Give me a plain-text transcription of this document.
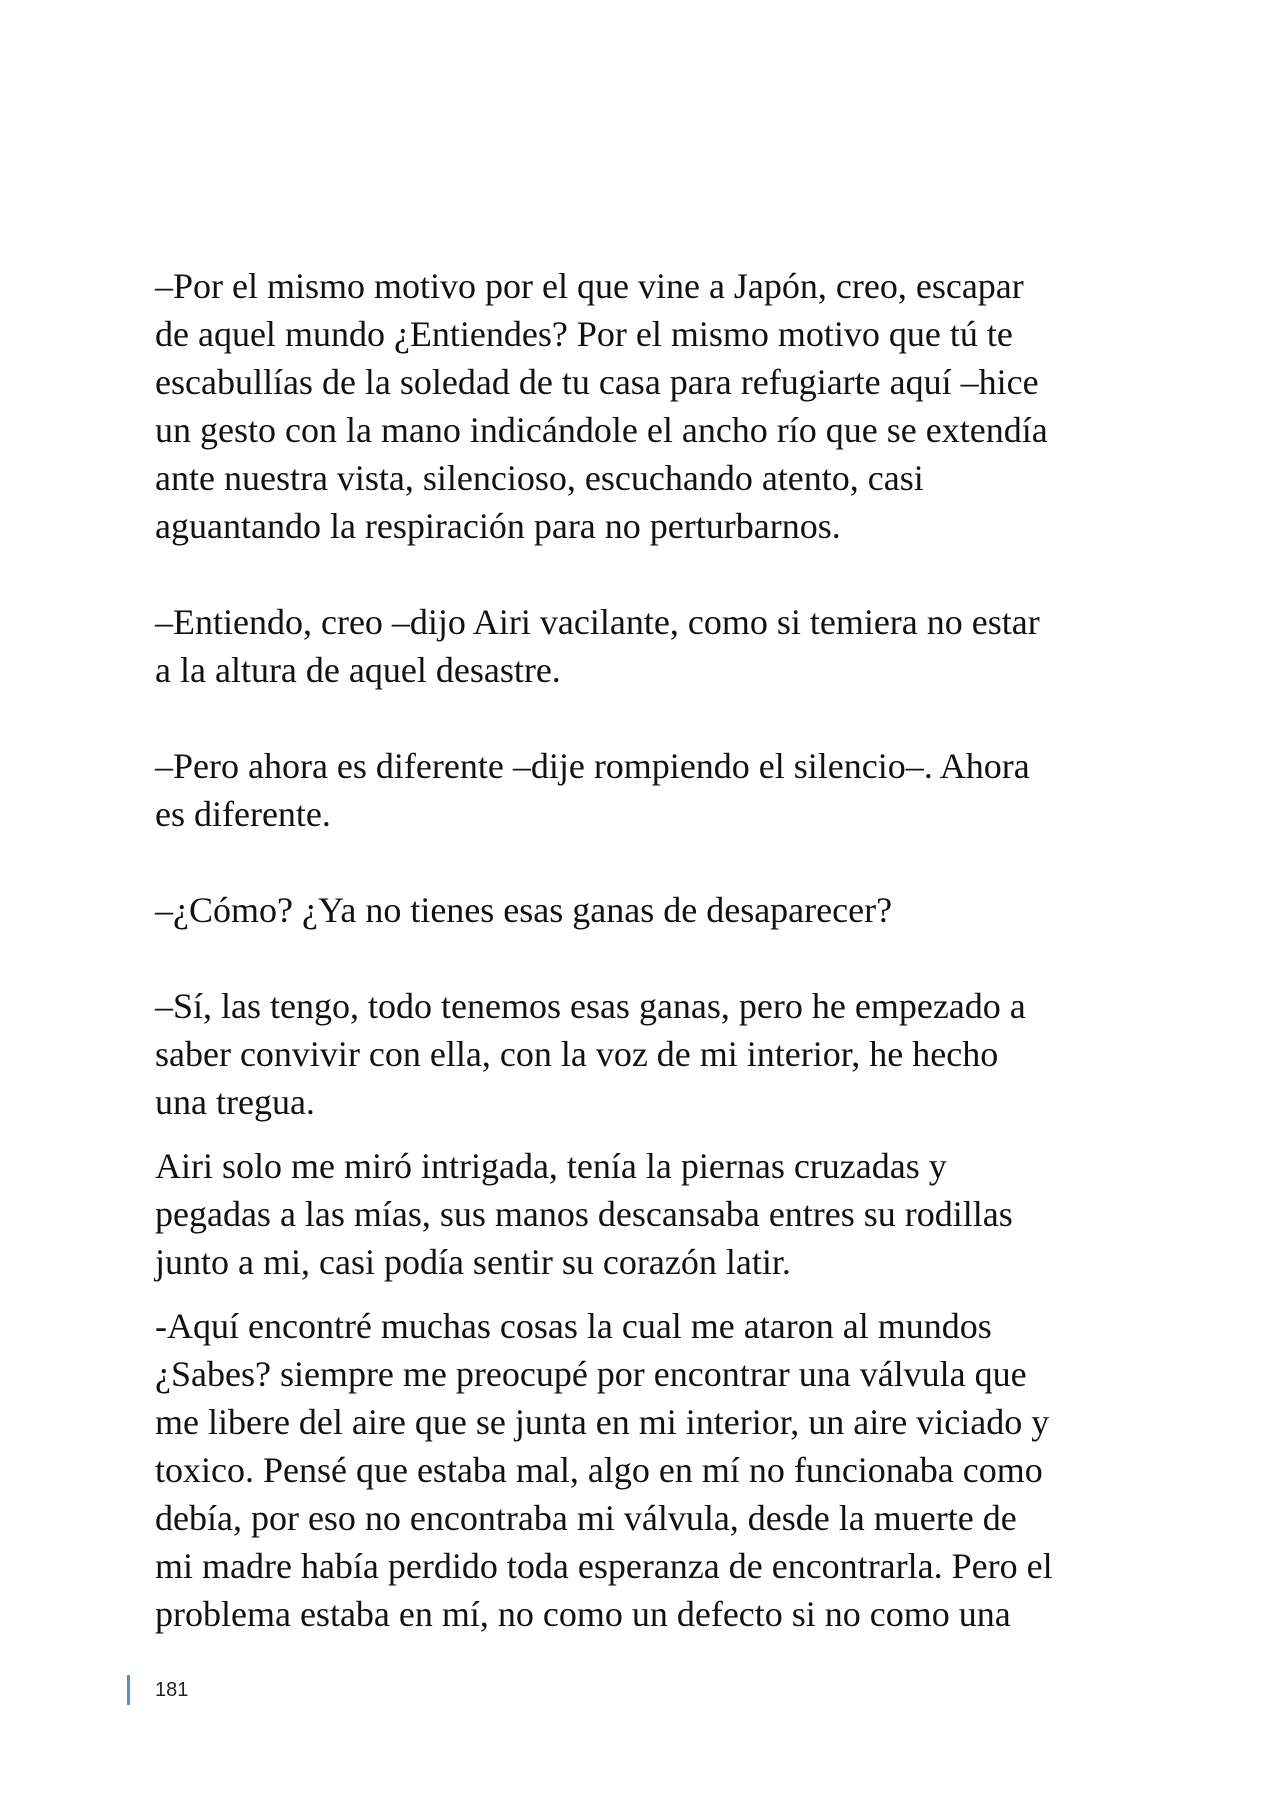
–Por el mismo motivo por el que vine a Japón, creo, escapar
de aquel mundo ¿Entiendes? Por el mismo motivo que tú te
escabullías de la soledad de tu casa para refugiarte aquí –hice
un gesto con la mano indicándole el ancho río que se extendía
ante nuestra vista, silencioso, escuchando atento, casi
aguantando la respiración para no perturbarnos.
–Entiendo, creo –dijo Airi vacilante, como si temiera no estar
a la altura de aquel desastre.
–Pero ahora es diferente –dije rompiendo el silencio–. Ahora
es diferente.
–¿Cómo? ¿Ya no tienes esas ganas de desaparecer?
–Sí, las tengo, todo tenemos esas ganas, pero he empezado a
saber convivir con ella, con la voz de mi interior, he hecho
una tregua.
Airi solo me miró intrigada, tenía la piernas cruzadas y
pegadas a las mías, sus manos descansaba entres su rodillas
junto a mi, casi podía sentir su corazón latir.
-Aquí encontré muchas cosas la cual me ataron al mundos
¿Sabes? siempre me preocupé por encontrar una válvula que
me libere del aire que se junta en mi interior, un aire viciado y
toxico. Pensé que estaba mal, algo en mí no funcionaba como
debía, por eso no encontraba mi válvula, desde la muerte de
mi madre había perdido toda esperanza de encontrarla. Pero el
problema estaba en mí, no como un defecto si no como una
181
